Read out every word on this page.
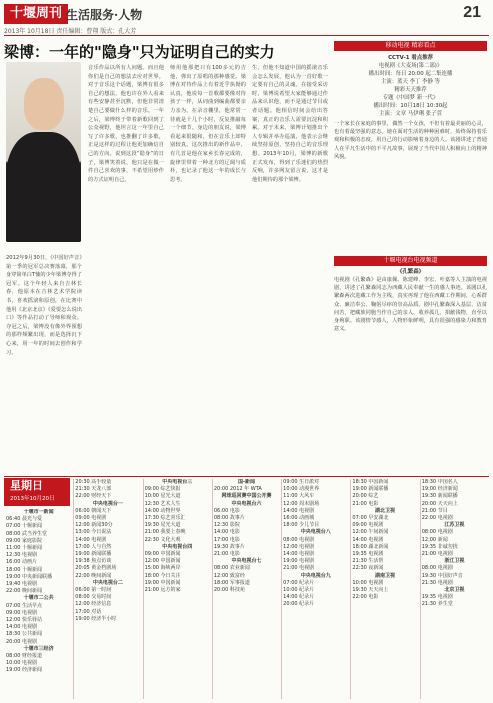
十堰周刊 生活服务·人物
2013年 10月18日 责任编辑：曹翔 版式：孔大芳
21
梁博：一年的"隐身"只为证明自己的实力
2012年9月30日，《中国好声音》第一季的冠军总决赛落幕，那个身穿简单白T恤的少年梁博夺得了冠军。这个年轻人来自吉林长春，他原本在吉林艺术学院读书，喜欢摇滚和原创，在比赛中他用《北京北京》《爱要怎么说出口》等作品打动了导师和观众。夺冠之后，梁博没有像外界预想的那样频繁出现，而是选择沉下心来，用一年的时间去创作和学习。
音乐作品以所有人问题。而且他你们是自己的想法去应对世界。对于音乐这个话题，梁博有很多自己的想法，他也许在外人看来有些安静甚至沉默，但他非常清楚自己要做什么样的音乐。一年之后，梁博终于带着新歌回到了公众视野，他坦言这一年里自己写了许多歌，也推翻了许多歌，正是这样的过程让他更加确信自己的方向。说到这段“隐身”的日子，梁博笑着说，他只是在做一件自己喜欢的事，不希望用炒作的方式证明自己。
师用他那把只有100多元的吉他，弹出了原唱的那种感觉。梁博在对待作品上有着近乎执拗的认真，他说每一首歌都要像对待孩子一样，从词曲到编曲都要亲力亲为。在录音棚里，他常常一待就是十几个小时，反复推敲每一个细节。身边的朋友说，梁博看起来很随和，但在音乐上却特别较真。这次推出的新作品中，有几首是他在家乡长春完成的，旋律里带着一种北方的辽阔与质朴，也记录了他这一年的成长与思考。
生，但他不知道中国的摇滚音乐会怎么发展，他认为一首好歌一定要有自己的灵魂。在接受采访时，梁博说希望大家能够通过作品来认识他，而不是通过节目或者话题。他相信时间会给出答案，真正的音乐人需要沉淀和积累。对于未来，梁博计划推出个人专辑并举办巡演，他表示会继续坚持原创，坚持自己的音乐理想。2013年10月，梁博的新歌正式发布，得到了乐迷们的热烈反响，许多网友留言说，这才是他们期待的那个梁博。
移动电视 精彩看点
CCTV-1 看点推荐
电视剧《大麦场(第二部)》
播出时间：每日 20:00 起二集连播
主演：蓝天 李丁 李静 等
精彩天天推荐
专题《中国梦 新一代》
播出时间：10月18日 10:30起
主演：文章 马伊琍 张子萱
一个家长在家庭的事里，偶然一个女孩，不但有着最美丽的心灵，也有着最坚强的意志。她在面对生活的种种困难时，始终保持着乐观和积极的态度，用自己的行动影响着身边的人。该剧讲述了普通人在平凡生活中的不平凡故事，展现了当代中国人积极向上的精神风貌。
十堰电视台电视频道
《孔繁森》
电视剧《孔繁森》是由康佩、陈建峰、李宏、叶嘉等人主演的电视剧，讲述了孔繁森同志为西藏人民奉献一生的感人事迹。该剧以孔繁森两次进藏工作为主线，真实再现了他在西藏工作期间，心系群众、廉洁奉公、鞠躬尽瘁的崇高品质。剧中孔繁森深入基层、访贫问苦，把藏族同胞当作自己的亲人，收养孤儿、捐献钱物，直至以身殉职。该剧情节感人，人物形象鲜明，具有很强的感染力和教育意义。
星期日
2013年10月20日
十堰市一新闻
06:40 晨光与爱
07:00 十堰新闻
08:00 武当养生堂
09:00 家庭影院
11:00 十堰新闻
12:30 电视剧
16:00 动画片
18:00 十堰新闻
19:00 中央新闻联播
19:40 电视剧
22:00 晚间新闻
十堰市二公共
07:00 生活早点
09:00 电视剧
12:00 快乐驿站
14:00 电视剧
18:30 公共新闻
20:00 电视剧
十堰市三经济
08:00 财经报道
10:00 电视剧
19:00 经济新闻
20:30 高手较量
21:30 天龙八部
22:00 财经天下
中央电视台一
06:00 朝闻天下
09:00 电视剧
12:00 新闻30分
13:00 今日说法
14:00 电视剧
17:00 人与自然
19:00 新闻联播
19:38 焦点访谈
20:05 黄金档剧场
22:00 晚间新闻
中央电视台二
06:00 第一时间
08:00 交易时间
12:00 经济信息
17:00 对话
19:00 经济半小时
中央电视台三
09:00 综艺快报
10:00 星光大道
12:30 艺术人生
14:00 动物世界
17:30 综艺喜乐汇
19:30 星光大道
21:00 我要上春晚
22:30 文化大观
中央电视台四
09:00 中国新闻
12:00 中国新闻
15:00 海峡两岸
18:00 今日关注
19:00 中国新闻
21:00 远方的家
国-新闻
20:00 2012 年 WTA
网球巡回赛中国公开赛
中央电视台六
06:00 电影
08:00 故事片
12:30 影院
14:00 电影
17:00 电影
19:30 故事片
21:00 电影
中央电视台七
08:00 农业新闻
12:00 致富经
18:00 军事报道
20:00 科技苑
09:00 生日派对
10:00 动漫世界
11:00 大风车
12:00 周末剧场
14:00 电视剧
16:00 动画城
18:00 少儿节目
中央电视台八
08:00 电视剧
12:00 电视剧
14:00 电视剧
19:00 电视剧
21:00 电视剧
中央电视台九
07:00 纪录片
10:00 纪录片
14:00 纪录片
20:00 纪录片
18:30 中国新闻
19:00 新闻联播
20:00 综艺
21:00 电影
湖北卫视
07:00 早安湖北
09:00 电视剧
12:00 午间新闻
14:00 电视剧
18:00 湖北新闻
19:35 电视剧
21:30 生活帮
22:30 夜新闻
湖南卫视
10:00 电视剧
19:30 天天向上
22:00 电影
18:30 中国名人
19:00 经济新闻
19:30 新闻联播
20:00 天天向上
21:00 节目
22:00 电视剧
江苏卫视
08:00 电视剧
12:00 新闻
19:35 非诚勿扰
21:00 电视剧
浙江卫视
08:00 电视剧
19:30 中国好声音
21:30 电视剧
北京卫视
19:35 电视剧
21:30 养生堂
